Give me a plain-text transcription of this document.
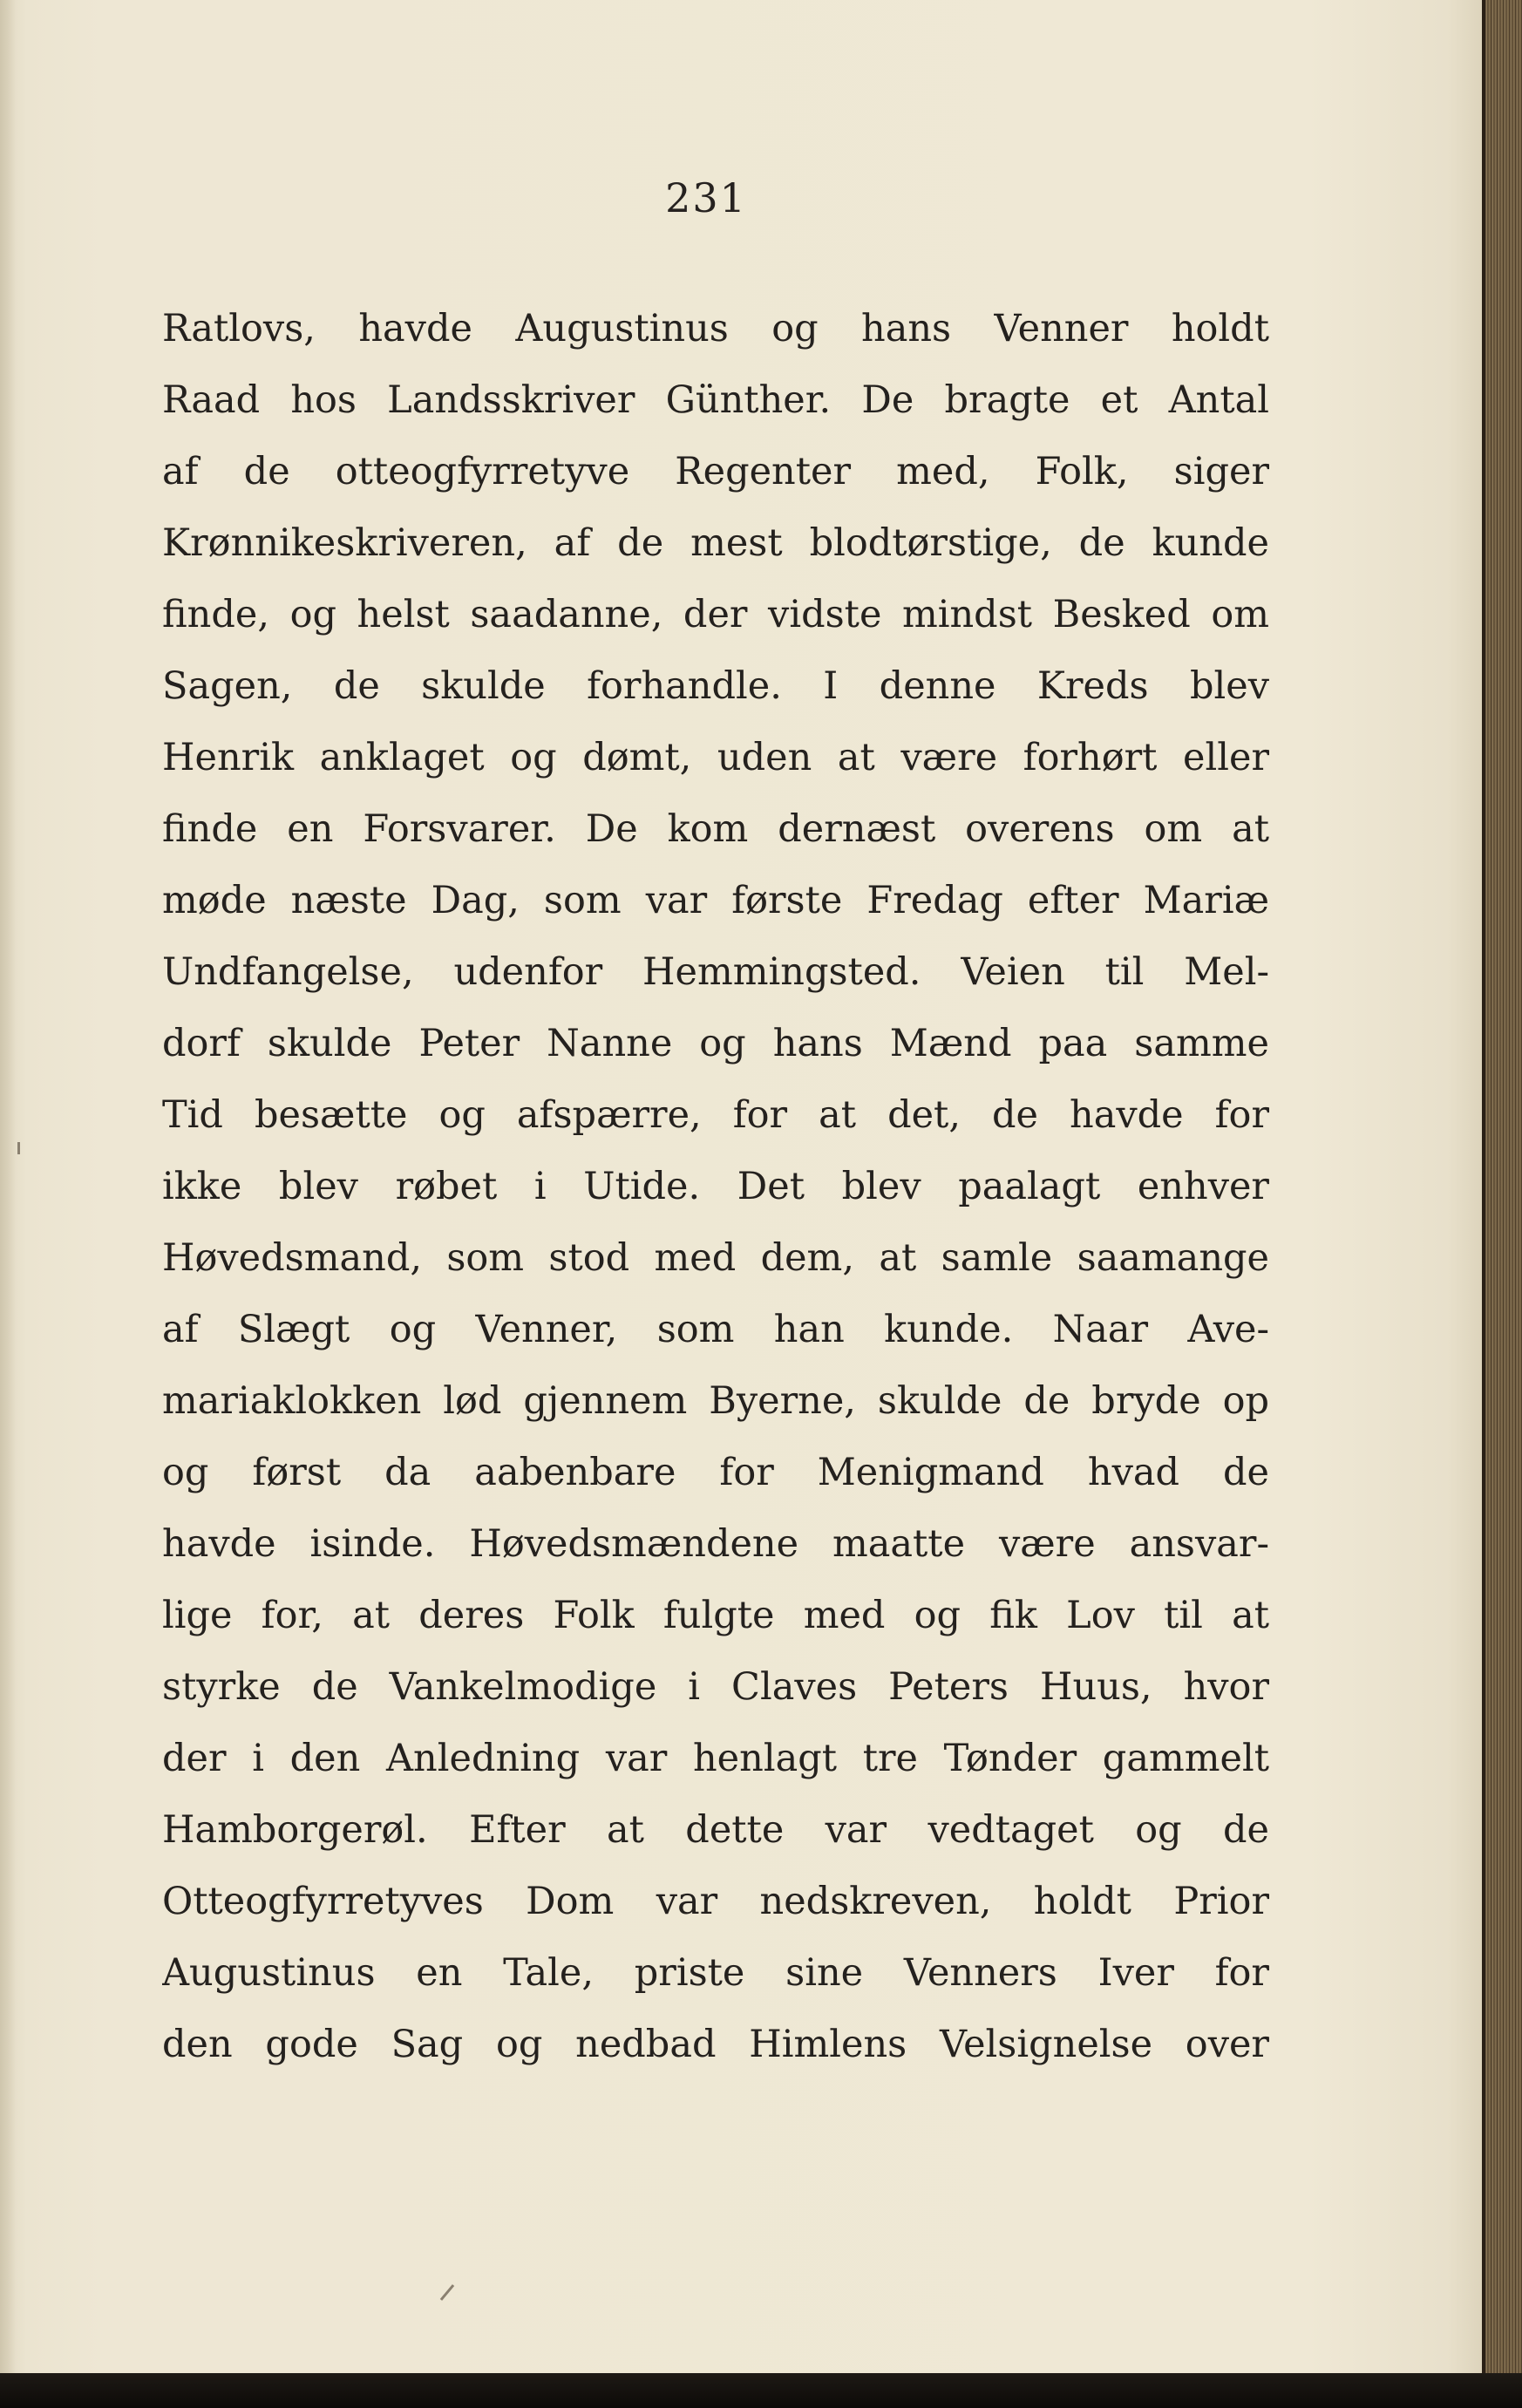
231
Ratlovs, havde Augustinus og hans Venner holdt
Raad hos Landsskriver Günther. De bragte et Antal
af de otteogfyrretyve Regenter med, Folk, siger
Krønnikeskriveren, af de mest blodtørstige, de kunde
finde, og helst saadanne, der vidste mindst Besked om
Sagen, de skulde forhandle. I denne Kreds blev
Henrik anklaget og dømt, uden at være forhørt eller
finde en Forsvarer. De kom dernæst overens om at
møde næste Dag, som var første Fredag efter Mariæ
Undfangelse, udenfor Hemmingsted. Veien til Mel-
dorf skulde Peter Nanne og hans Mænd paa samme
Tid besætte og afspærre, for at det, de havde for
ikke blev røbet i Utide. Det blev paalagt enhver
Høvedsmand, som stod med dem, at samle saamange
af Slægt og Venner, som han kunde. Naar Ave-
mariaklokken lød gjennem Byerne, skulde de bryde op
og først da aabenbare for Menigmand hvad de
havde isinde. Høvedsmændene maatte være ansvar-
lige for, at deres Folk fulgte med og fik Lov til at
styrke de Vankelmodige i Claves Peters Huus, hvor
der i den Anledning var henlagt tre Tønder gammelt
Hamborgerøl. Efter at dette var vedtaget og de
Otteogfyrretyves Dom var nedskreven, holdt Prior
Augustinus en Tale, priste sine Venners Iver for
den gode Sag og nedbad Himlens Velsignelse over
